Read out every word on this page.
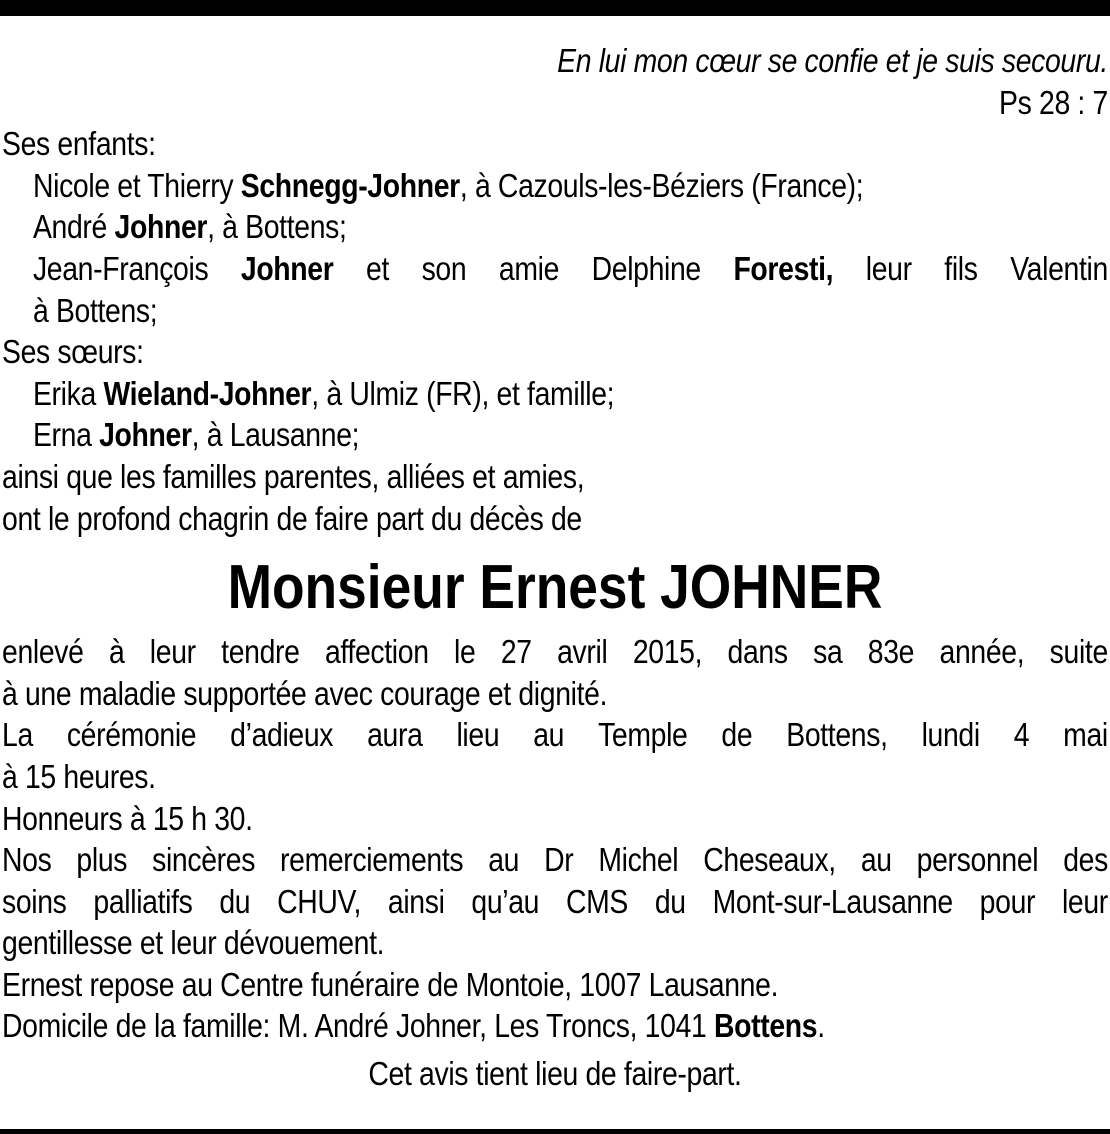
En lui mon cœur se confie et je suis secouru.
Ps 28 : 7
Ses enfants:
Nicole et Thierry Schnegg-Johner, à Cazouls-les-Béziers (France);
André Johner, à Bottens;
Jean-François Johner et son amie Delphine Foresti, leur fils Valentin
à Bottens;
Ses sœurs:
Erika Wieland-Johner, à Ulmiz (FR), et famille;
Erna Johner, à Lausanne;
ainsi que les familles parentes, alliées et amies,
ont le profond chagrin de faire part du décès de
Monsieur Ernest JOHNER
enlevé à leur tendre affection le 27 avril 2015, dans sa 83e année, suite
à une maladie supportée avec courage et dignité.
La cérémonie d’adieux aura lieu au Temple de Bottens, lundi 4 mai
à 15 heures.
Honneurs à 15 h 30.
Nos plus sincères remerciements au Dr Michel Cheseaux, au personnel des
soins palliatifs du CHUV, ainsi qu’au CMS du Mont-sur-Lausanne pour leur
gentillesse et leur dévouement.
Ernest repose au Centre funéraire de Montoie, 1007 Lausanne.
Domicile de la famille: M. André Johner, Les Troncs, 1041 Bottens.
Cet avis tient lieu de faire-part.
